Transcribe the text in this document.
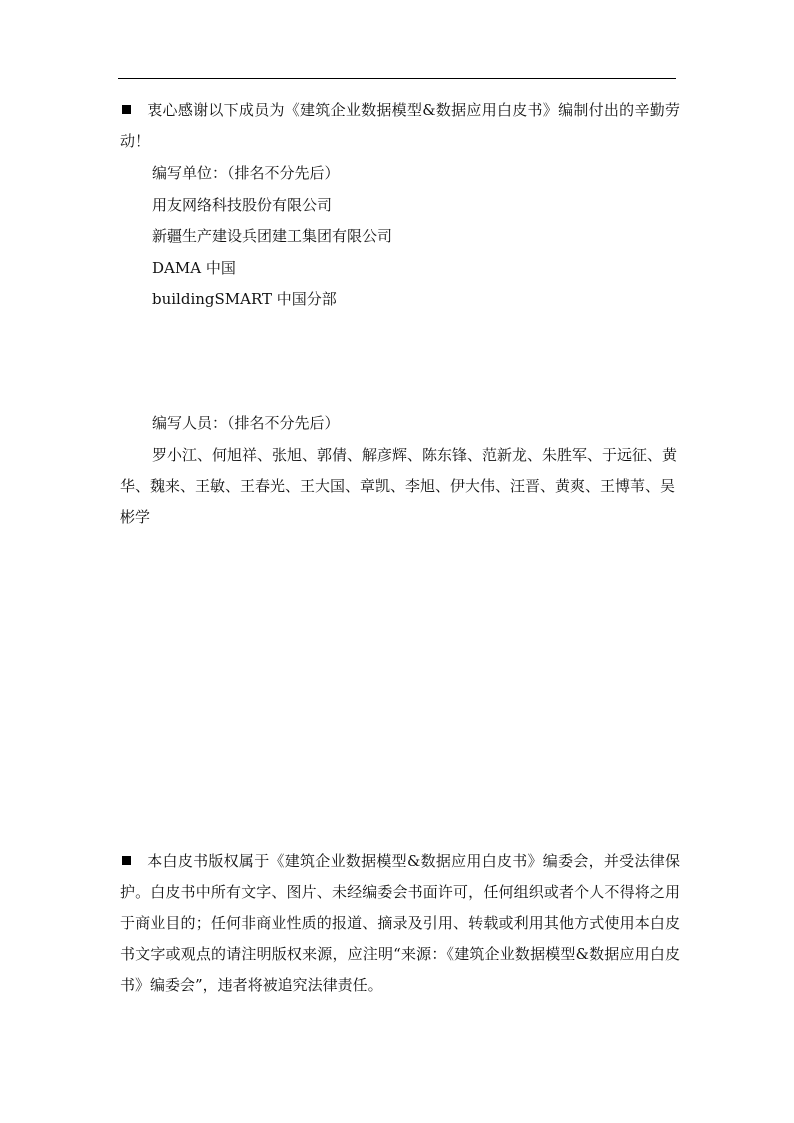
衷心感谢以下成员为《建筑企业数据模型&数据应用白皮书》编制付出的辛勤劳动！

编写单位：（排名不分先后）

用友网络科技股份有限公司

新疆生产建设兵团建工集团有限公司

DAMA 中国

buildingSMART 中国分部

编写人员：（排名不分先后）

罗小江、何旭祥、张旭、郭倩、解彦辉、陈东锋、范新龙、朱胜军、于远征、黄华、魏来、王敏、王春光、王大国、章凯、李旭、伊大伟、汪晋、黄爽、王博苇、吴彬学

本白皮书版权属于《建筑企业数据模型&数据应用白皮书》编委会，并受法律保护。白皮书中所有文字、图片、未经编委会书面许可，任何组织或者个人不得将之用于商业目的；任何非商业性质的报道、摘录及引用、转载或利用其他方式使用本白皮书文字或观点的请注明版权来源，应注明“来源：《建筑企业数据模型&数据应用白皮书》编委会”，违者将被追究法律责任。
